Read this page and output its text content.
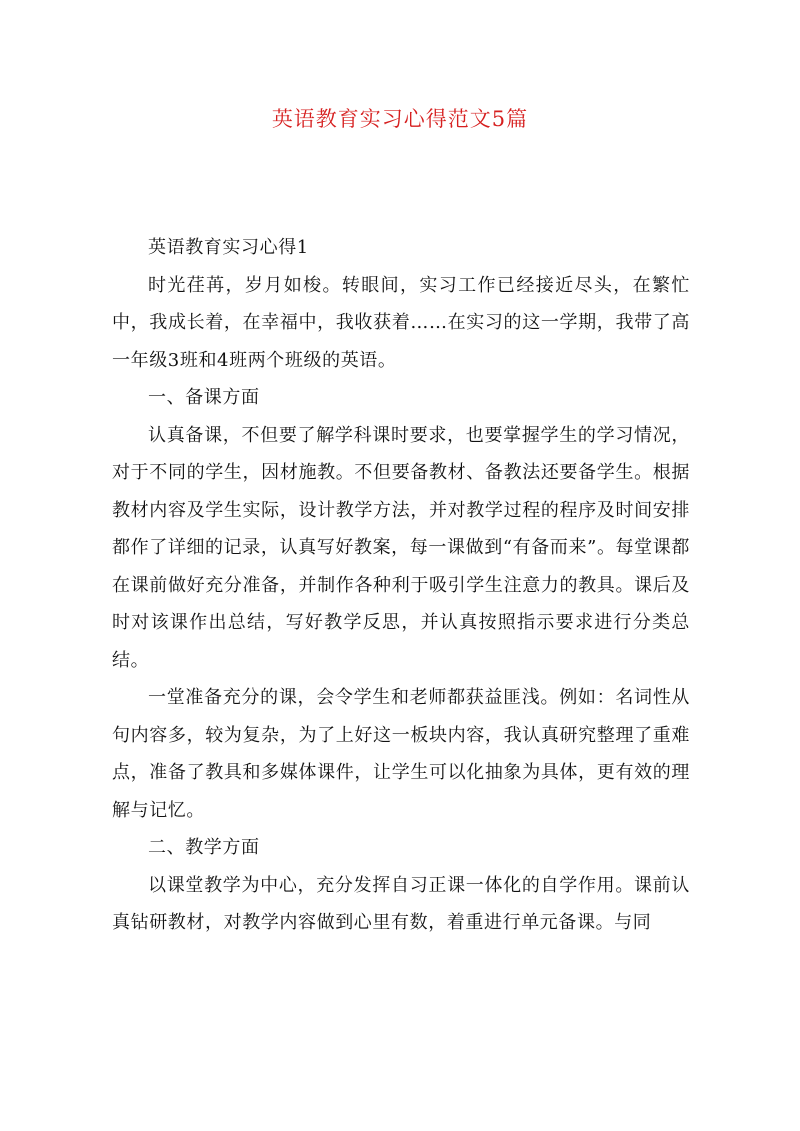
英语教育实习心得范文5篇

英语教育实习心得1

时光荏苒，岁月如梭。转眼间，实习工作已经接近尽头，在繁忙中，我成长着，在幸福中，我收获着……在实习的这一学期，我带了高一年级3班和4班两个班级的英语。

一、备课方面

认真备课，不但要了解学科课时要求，也要掌握学生的学习情况，对于不同的学生，因材施教。不但要备教材、备教法还要备学生。根据教材内容及学生实际，设计教学方法，并对教学过程的程序及时间安排都作了详细的记录，认真写好教案，每一课做到“有备而来”。每堂课都在课前做好充分准备，并制作各种利于吸引学生注意力的教具。课后及时对该课作出总结，写好教学反思，并认真按照指示要求进行分类总结。

一堂准备充分的课，会令学生和老师都获益匪浅。例如：名词性从句内容多，较为复杂，为了上好这一板块内容，我认真研究整理了重难点，准备了教具和多媒体课件，让学生可以化抽象为具体，更有效的理解与记忆。

二、教学方面

以课堂教学为中心，充分发挥自习正课一体化的自学作用。课前认真钻研教材，对教学内容做到心里有数，着重进行单元备课。与同
